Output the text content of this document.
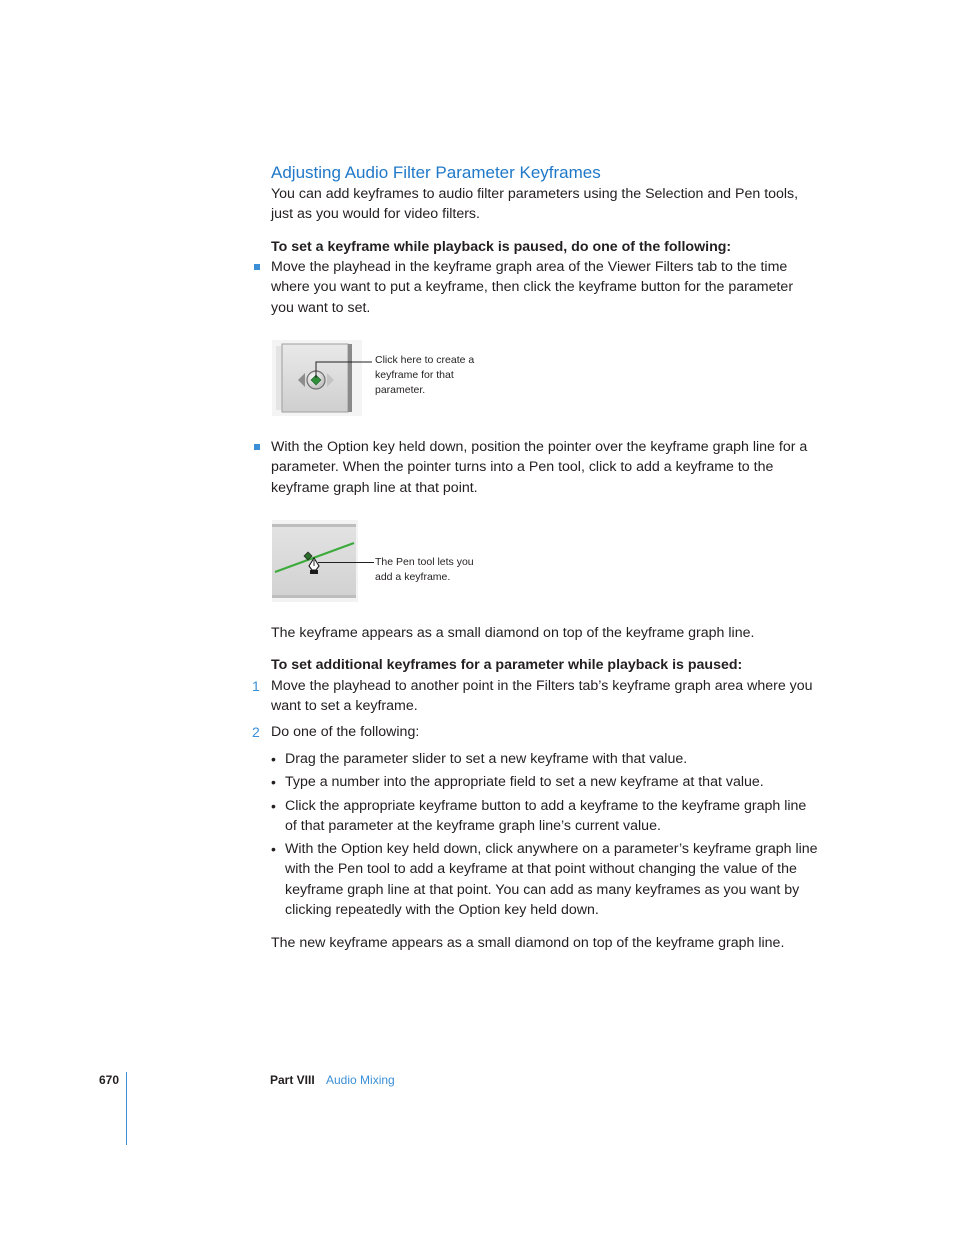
Adjusting Audio Filter Parameter Keyframes
You can add keyframes to audio filter parameters using the Selection and Pen tools,
just as you would for video filters.
To set a keyframe while playback is paused, do one of the following:
Move the playhead in the keyframe graph area of the Viewer Filters tab to the time
where you want to put a keyframe, then click the keyframe button for the parameter
you want to set.
Click here to create a
keyframe for that
parameter.
With the Option key held down, position the pointer over the keyframe graph line for a
parameter. When the pointer turns into a Pen tool, click to add a keyframe to the
keyframe graph line at that point.
The Pen tool lets you
add a keyframe.
The keyframe appears as a small diamond on top of the keyframe graph line.
To set additional keyframes for a parameter while playback is paused:
1 Move the playhead to another point in the Filters tab’s keyframe graph area where you
want to set a keyframe.
2 Do one of the following:
• Drag the parameter slider to set a new keyframe with that value.
• Type a number into the appropriate field to set a new keyframe at that value.
• Click the appropriate keyframe button to add a keyframe to the keyframe graph line
of that parameter at the keyframe graph line’s current value.
• With the Option key held down, click anywhere on a parameter’s keyframe graph line
with the Pen tool to add a keyframe at that point without changing the value of the
keyframe graph line at that point. You can add as many keyframes as you want by
clicking repeatedly with the Option key held down.
The new keyframe appears as a small diamond on top of the keyframe graph line.
670	Part VIII Audio Mixing
